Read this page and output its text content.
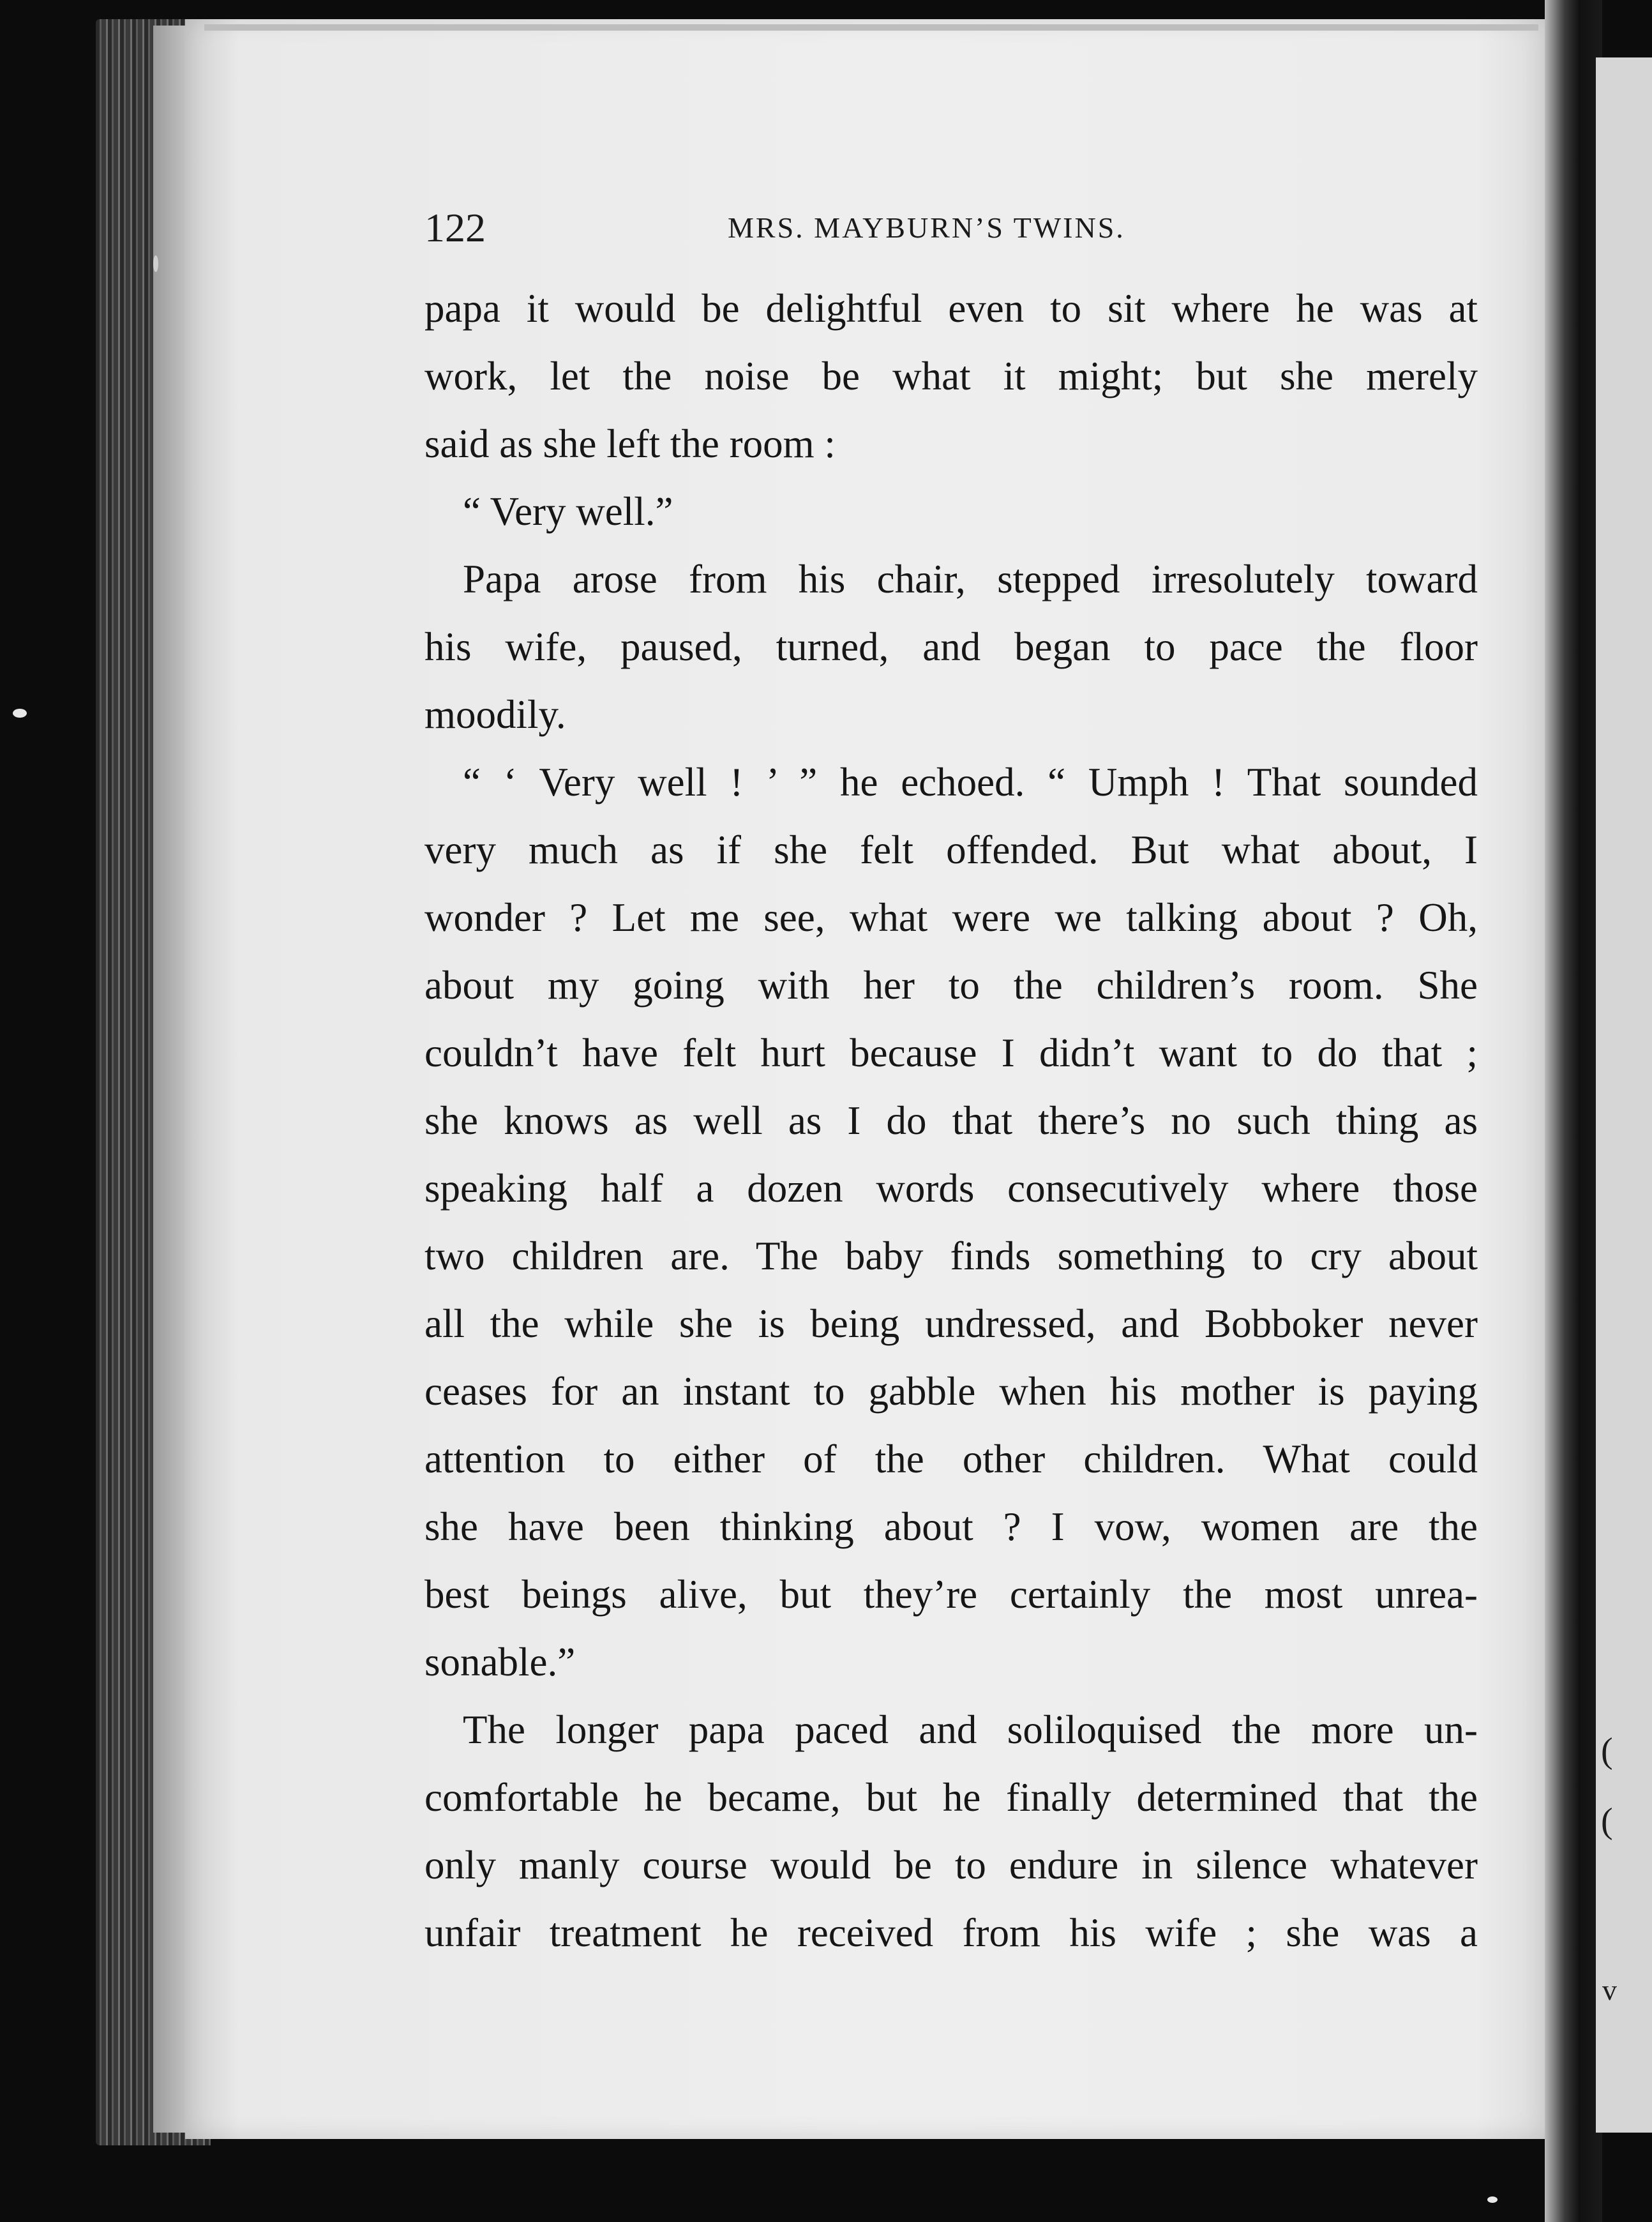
(
(
v
122	MRS. MAYBURN’S TWINS.
papa it would be delightful even to sit where he was at
work, let the noise be what it might; but she merely
said as she left the room :
“ Very well.”
Papa arose from his chair, stepped irresolutely toward
his wife, paused, turned, and began to pace the floor
moodily.
“ ‘ Very well ! ’ ” he echoed. “ Umph ! That sounded
very much as if she felt offended. But what about, I
wonder ? Let me see, what were we talking about ? Oh,
about my going with her to the children’s room. She
couldn’t have felt hurt because I didn’t want to do that ;
she knows as well as I do that there’s no such thing as
speaking half a dozen words consecutively where those
two children are. The baby finds something to cry about
all the while she is being undressed, and Bobboker never
ceases for an instant to gabble when his mother is paying
attention to either of the other children. What could
she have been thinking about ? I vow, women are the
best beings alive, but they’re certainly the most unrea-
sonable.”
The longer papa paced and soliloquised the more un-
comfortable he became, but he finally determined that the
only manly course would be to endure in silence whatever
unfair treatment he received from his wife ; she was a
